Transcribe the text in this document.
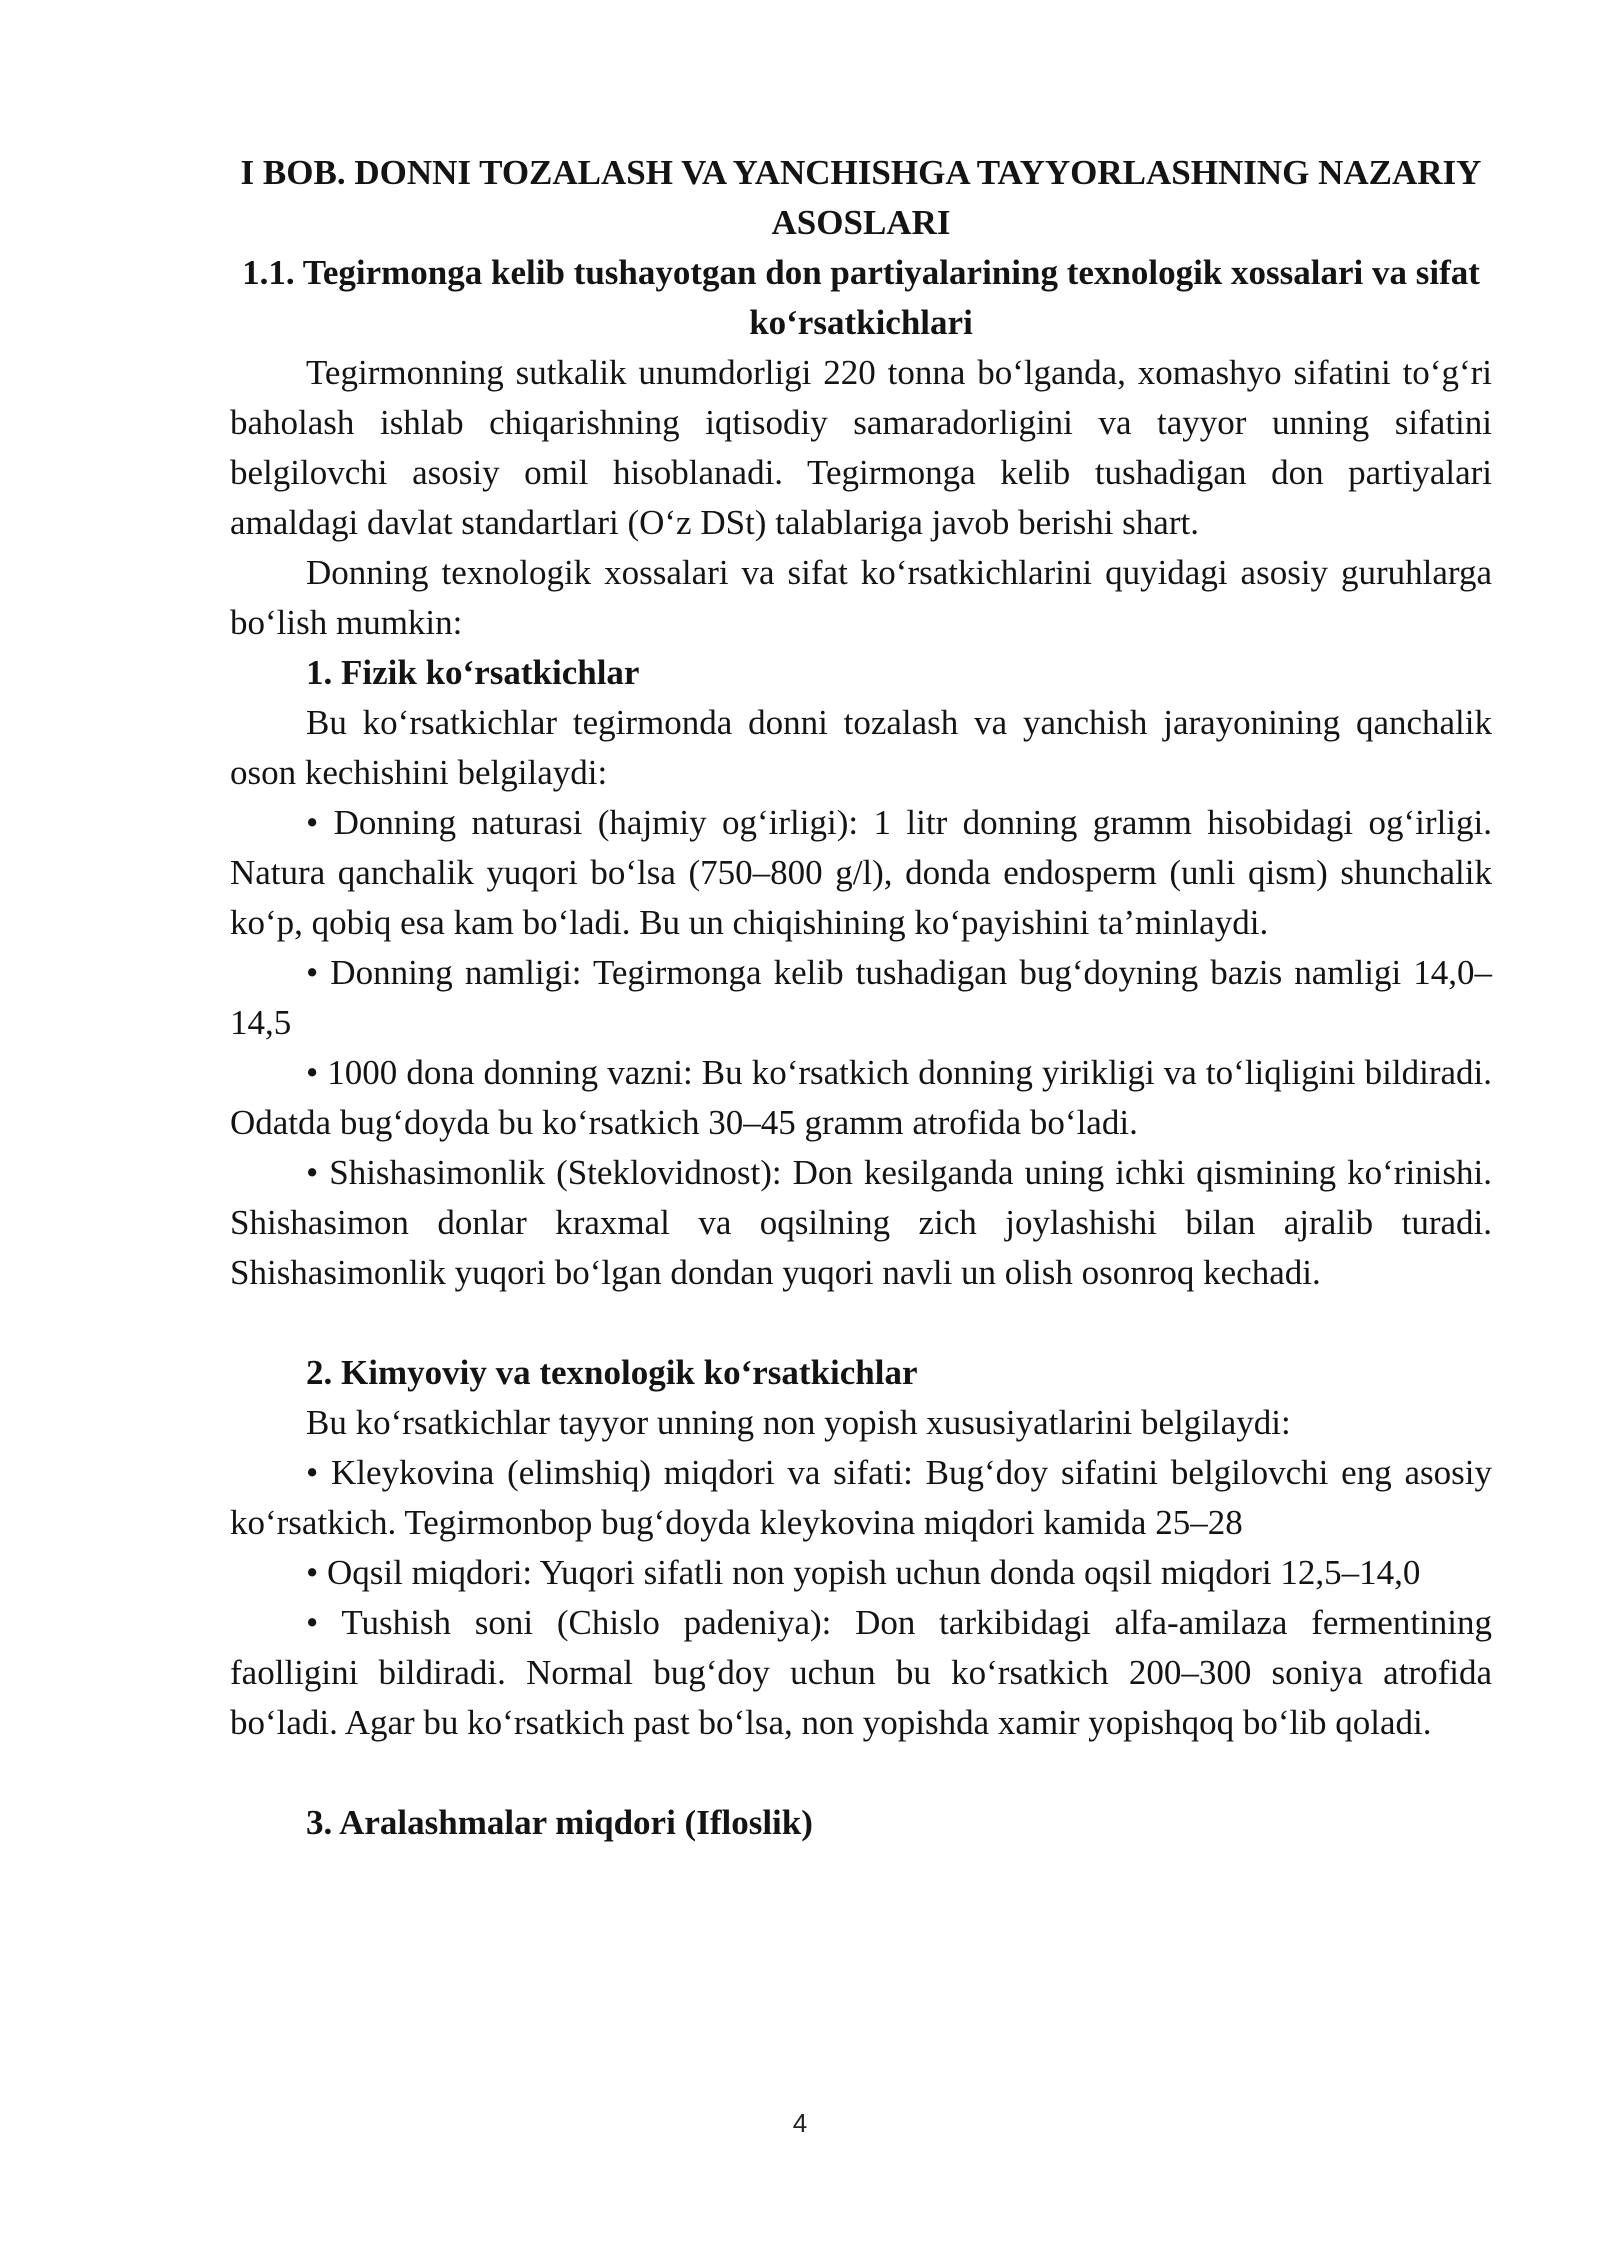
I BOB. DONNI TOZALASH VA YANCHISHGA TAYYORLASHNING NAZARIY ASOSLARI

1.1. Tegirmonga kelib tushayotgan don partiyalarining texnologik xossalari va sifat ko‘rsatkichlari

Tegirmonning sutkalik unumdorligi 220 tonna bo‘lganda, xomashyo sifatini to‘g‘ri baholash ishlab chiqarishning iqtisodiy samaradorligini va tayyor unning sifatini belgilovchi asosiy omil hisoblanadi. Tegirmonga kelib tushadigan don partiyalari amaldagi davlat standartlari (O‘z DSt) talablariga javob berishi shart.

Donning texnologik xossalari va sifat ko‘rsatkichlarini quyidagi asosiy guruhlarga bo‘lish mumkin:

1. Fizik ko‘rsatkichlar

Bu ko‘rsatkichlar tegirmonda donni tozalash va yanchish jarayonining qanchalik oson kechishini belgilaydi:

• Donning naturasi (hajmiy og‘irligi): 1 litr donning gramm hisobidagi og‘irligi. Natura qanchalik yuqori bo‘lsa (750–800 g/l), donda endosperm (unli qism) shunchalik ko‘p, qobiq esa kam bo‘ladi. Bu un chiqishining ko‘payishini ta’minlaydi.

• Donning namligi: Tegirmonga kelib tushadigan bug‘doyning bazis namligi 14,0–14,5

• 1000 dona donning vazni: Bu ko‘rsatkich donning yirikligi va to‘liqligini bildiradi. Odatda bug‘doyda bu ko‘rsatkich 30–45 gramm atrofida bo‘ladi.

• Shishasimonlik (Steklovidnost): Don kesilganda uning ichki qismining ko‘rinishi. Shishasimon donlar kraxmal va oqsilning zich joylashishi bilan ajralib turadi. Shishasimonlik yuqori bo‘lgan dondan yuqori navli un olish osonroq kechadi.

2. Kimyoviy va texnologik ko‘rsatkichlar

Bu ko‘rsatkichlar tayyor unning non yopish xususiyatlarini belgilaydi:

• Kleykovina (elimshiq) miqdori va sifati: Bug‘doy sifatini belgilovchi eng asosiy ko‘rsatkich. Tegirmonbop bug‘doyda kleykovina miqdori kamida 25–28

• Oqsil miqdori: Yuqori sifatli non yopish uchun donda oqsil miqdori 12,5–14,0

• Tushish soni (Chislo padeniya): Don tarkibidagi alfa-amilaza fermentining faolligini bildiradi. Normal bug‘doy uchun bu ko‘rsatkich 200–300 soniya atrofida bo‘ladi. Agar bu ko‘rsatkich past bo‘lsa, non yopishda xamir yopishqoq bo‘lib qoladi.

3. Aralashmalar miqdori (Ifloslik)

4
